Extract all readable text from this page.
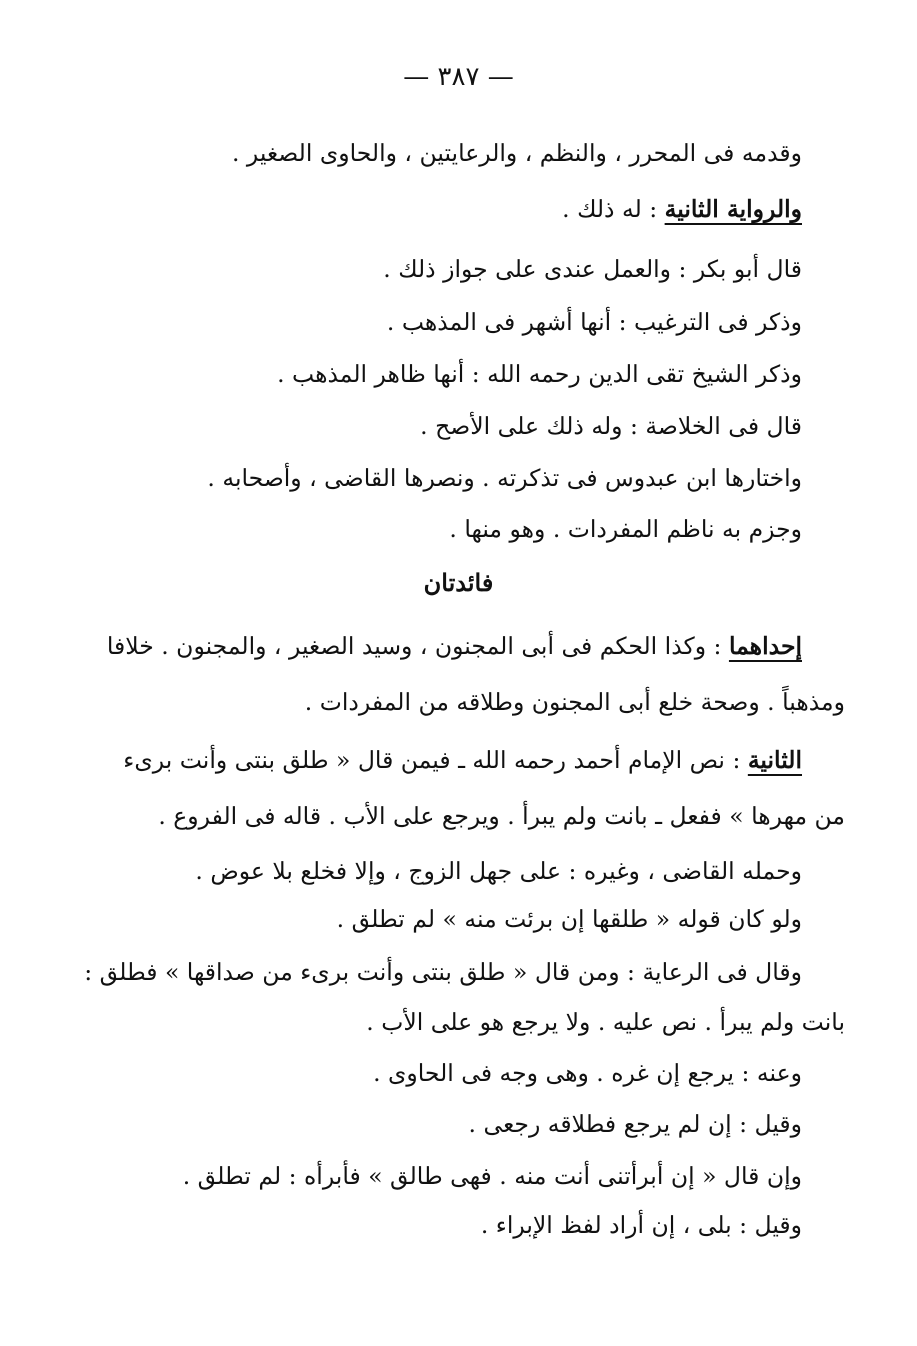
— ٣٨٧ —
وقدمه فى المحرر ، والنظم ، والرعايتين ، والحاوى الصغير .
والرواية الثانية : له ذلك .
قال أبو بكر : والعمل عندى على جواز ذلك .
وذكر فى الترغيب : أنها أشهر فى المذهب .
وذكر الشيخ تقى الدين رحمه الله : أنها ظاهر المذهب .
قال فى الخلاصة : وله ذلك على الأصح .
واختارها ابن عبدوس فى تذكرته . ونصرها القاضى ، وأصحابه .
وجزم به ناظم المفردات . وهو منها .
فائدتان
إحداهما : وكذا الحكم فى أبى المجنون ، وسيد الصغير ، والمجنون . خلافا
ومذهباً . وصحة خلع أبى المجنون وطلاقه من المفردات .
الثانية : نص الإمام أحمد رحمه الله ـ فيمن قال « طلق بنتى وأنت برىء
من مهرها » ففعل ـ بانت ولم يبرأ . ويرجع على الأب . قاله فى الفروع .
وحمله القاضى ، وغيره : على جهل الزوج ، وإلا فخلع بلا عوض .
ولو كان قوله « طلقها إن برئت منه » لم تطلق .
وقال فى الرعاية : ومن قال « طلق بنتى وأنت برىء من صداقها » فطلق :
بانت ولم يبرأ . نص عليه . ولا يرجع هو على الأب .
وعنه : يرجع إن غره . وهى وجه فى الحاوى .
وقيل : إن لم يرجع فطلاقه رجعى .
وإن قال « إن أبرأتنى أنت منه . فهى طالق » فأبرأه : لم تطلق .
وقيل : بلى ، إن أراد لفظ الإبراء .
